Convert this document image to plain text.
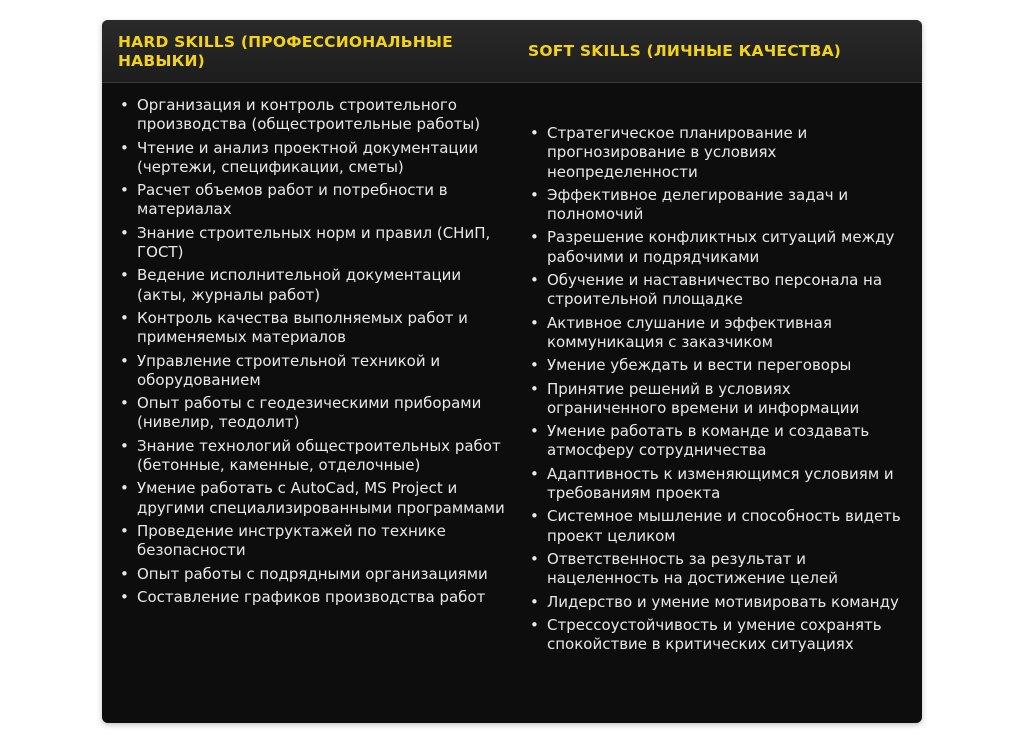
HARD SKILLS (ПРОФЕССИОНАЛЬНЫЕ НАВЫКИ)
SOFT SKILLS (ЛИЧНЫЕ КАЧЕСТВА)
• Организация и контроль строительного производства (общестроительные работы)
• Чтение и анализ проектной документации (чертежи, спецификации, сметы)
• Расчет объемов работ и потребности в материалах
• Знание строительных норм и правил (СНиП, ГОСТ)
• Ведение исполнительной документации (акты, журналы работ)
• Контроль качества выполняемых работ и применяемых материалов
• Управление строительной техникой и оборудованием
• Опыт работы с геодезическими приборами (нивелир, теодолит)
• Знание технологий общестроительных работ (бетонные, каменные, отделочные)
• Умение работать с AutoCad, MS Project и другими специализированными программами
• Проведение инструктажей по технике безопасности
• Опыт работы с подрядными организациями
• Составление графиков производства работ
• Стратегическое планирование и прогнозирование в условиях неопределенности
• Эффективное делегирование задач и полномочий
• Разрешение конфликтных ситуаций между рабочими и подрядчиками
• Обучение и наставничество персонала на строительной площадке
• Активное слушание и эффективная коммуникация с заказчиком
• Умение убеждать и вести переговоры
• Принятие решений в условиях ограниченного времени и информации
• Умение работать в команде и создавать атмосферу сотрудничества
• Адаптивность к изменяющимся условиям и требованиям проекта
• Системное мышление и способность видеть проект целиком
• Ответственность за результат и нацеленность на достижение целей
• Лидерство и умение мотивировать команду
• Стрессоустойчивость и умение сохранять спокойствие в критических ситуациях
